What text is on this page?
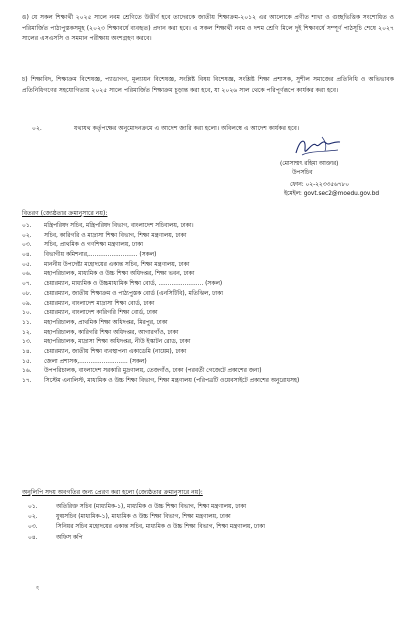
ঙ) যে সকল শিক্ষার্থী ২০২৫ সালে নবম শ্রেণিতে উত্তীর্ণ হবে তাদেরকে জাতীয় শিক্ষাক্রম-২০১২ এর আলোকে প্রণীত শাখা ও গুচ্ছভিত্তিক সংশোধিত ও পরিমার্জিত পাঠ্যপুস্তকসমূহ (২০২৩ শিক্ষাবর্ষে ব্যবহৃত) প্রদান করা হবে। এ সকল শিক্ষার্থী নবম ও দশম শ্রেণি মিলে দুই শিক্ষাবর্ষে সম্পূর্ণ পাঠসূচি শেষে ২০২৭ সালের এসএসসি ও সমমান পরীক্ষায় অংশগ্রহণ করবে।

চ) শিক্ষাবিদ, শিক্ষাক্রম বিশেষজ্ঞ, প্যাডাগগ, মূল্যায়ন বিশেষজ্ঞ, সংশ্লিষ্ট বিষয় বিশেষজ্ঞ, সংশ্লিষ্ট শিক্ষা প্রশাসক, সুশীল সমাজের প্রতিনিধি ও অভিভাবক প্রতিনিধিগণের সহযোগিতায় ২০২৫ সালে পরিমার্জিত শিক্ষাক্রম চূড়ান্ত করা হবে, যা ২০২৬ সাল থেকে পরিপূর্ণরূপে কার্যকর করা হবে।

০২.	যথাযথ কর্তৃপক্ষের অনুমোদনক্রমে এ আদেশ জারি করা হলো। অবিলম্বে এ আদেশ কার্যকর হবে।
(মোসাম্মৎ রহিমা আক্তার)
উপসচিব
ফোন: ০২-২২৩৩৫৬৭৮০
ইমেইল: govt.sec2@moedu.gov.bd
বিতরণ (জ্যেষ্ঠতার ক্রমানুসারে নয়):
০১. মন্ত্রিপরিষদ সচিব, মন্ত্রিপরিষদ বিভাগ, বাংলাদেশ সচিবালয়, ঢাকা।
০২. সচিব, কারিগরি ও মাদ্রাসা শিক্ষা বিভাগ, শিক্ষা মন্ত্রণালয়, ঢাকা
০৩. সচিব, প্রাথমিক ও গণশিক্ষা মন্ত্রণালয়, ঢাকা
০৪. বিভাগীয় কমিশনার,.......................... (সকল)
০৫. মাননীয় উপদেষ্টা মহোদয়ের একান্ত সচিব, শিক্ষা মন্ত্রণালয়, ঢাকা
০৬. মহাপরিচালক, মাধ্যমিক ও উচ্চ শিক্ষা অধিদপ্তর, শিক্ষা ভবন, ঢাকা
০৭. চেয়ারম্যান, মাধ্যমিক ও উচ্চমাধ্যমিক শিক্ষা বোর্ড, ........................ (সকল)
০৮. চেয়ারম্যান, জাতীয় শিক্ষাক্রম ও পাঠ্যপুস্তক বোর্ড (এনসিটিবি), মতিঝিল, ঢাকা
০৯. চেয়ারম্যান, বাংলাদেশ মাদ্রাসা শিক্ষা বোর্ড, ঢাকা
১০. চেয়ারম্যান, বাংলাদেশ কারিগরি শিক্ষা বোর্ড, ঢাকা
১১. মহাপরিচালক, প্রাথমিক শিক্ষা অধিদপ্তর, মিরপুর, ঢাকা
১২. মহাপরিচালক, কারিগরি শিক্ষা অধিদপ্তর, আগারগাঁও, ঢাকা
১৩. মহাপরিচালক, মাদ্রাসা শিক্ষা অধিদপ্তর, নীউ ইস্কাটন রোড, ঢাকা
১৪. চেয়ারম্যান, জাতীয় শিক্ষা ব্যবস্থাপনা একাডেমি (নায়েম), ঢাকা
১৫. জেলা প্রশাসক,.......................... (সকল)
১৬. উপপরিচালক, বাংলাদেশ সরকারি মুদ্রণালয়, তেজগাঁও, ঢাকা (পরবর্তী গেজেটে প্রকাশের জন্য)
১৭. সিস্টেম এনালিস্ট, মাধ্যমিক ও উচ্চ শিক্ষা বিভাগ, শিক্ষা মন্ত্রণালয় (পরিপত্রটি ওয়েবসাইটে প্রকাশের অনুরোধসহ)
অনুলিপি সদয় অবগতির জন্য প্রেরণ করা হলো (জ্যেষ্ঠতার ক্রমানুসারে নয়):
০১.	অতিরিক্ত সচিব (মাধ্যমিক-১), মাধ্যমিক ও উচ্চ শিক্ষা বিভাগ, শিক্ষা মন্ত্রণালয়, ঢাকা
০২.	যুগ্মসচিব (মাধ্যমিক-১), মাধ্যমিক ও উচ্চ শিক্ষা বিভাগ, শিক্ষা মন্ত্রণালয়, ঢাকা
০৩.	সিনিয়র সচিব মহোদয়ের একান্ত সচিব, মাধ্যমিক ও উচ্চ শিক্ষা বিভাগ, শিক্ষা মন্ত্রণালয়, ঢাকা
০৪.	অফিস কপি
ৎ
